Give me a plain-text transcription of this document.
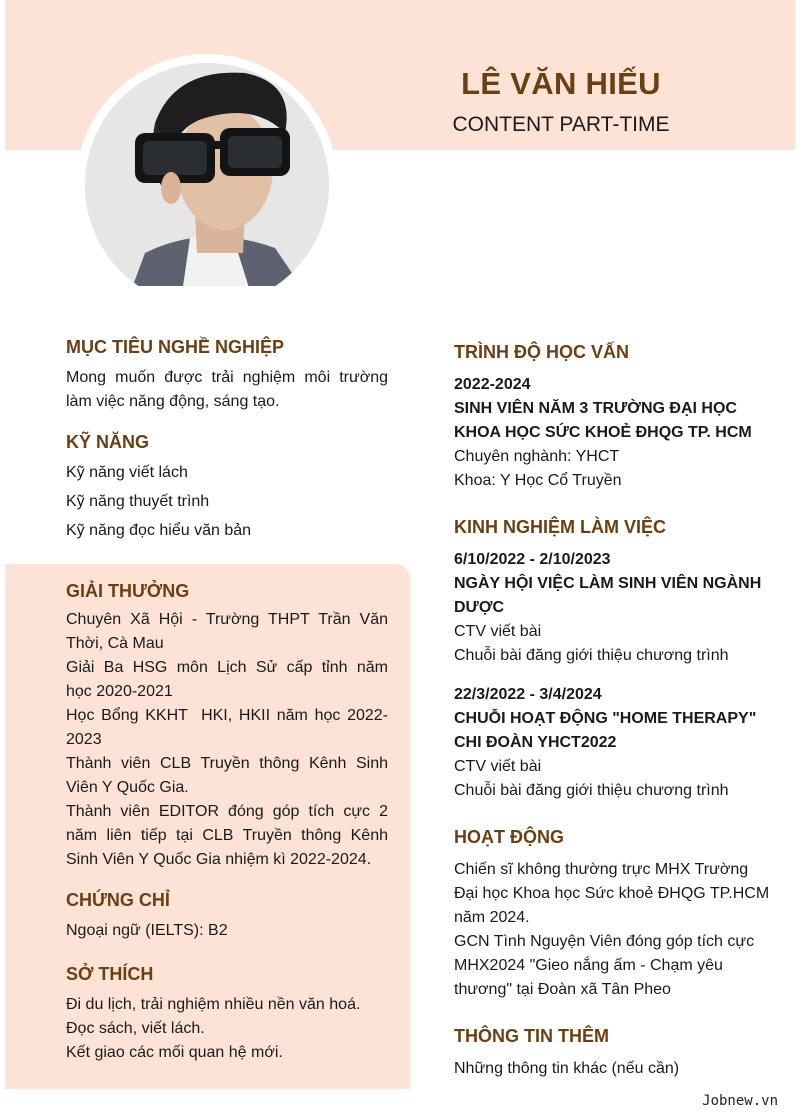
LÊ VĂN HIẾU
CONTENT PART-TIME
MỤC TIÊU NGHỀ NGHIỆP
Mong muốn được trải nghiệm môi trường
làm việc năng động, sáng tạo.
KỸ NĂNG
Kỹ năng viết lách
Kỹ năng thuyết trình
Kỹ năng đọc hiểu văn bản
GIẢI THƯỞNG
Chuyên Xã Hội - Trường THPT Trần Văn
Thời, Cà Mau
Giải Ba HSG môn Lịch Sử cấp tỉnh năm
học 2020-2021
Học Bổng KKHT  HKI, HKII năm học 2022-
2023
Thành viên CLB Truyền thông Kênh Sinh
Viên Y Quốc Gia.
Thành viên EDITOR đóng góp tích cực 2
năm liên tiếp tại CLB Truyền thông Kênh
Sinh Viên Y Quốc Gia nhiệm kì 2022-2024.
CHỨNG CHỈ
Ngoại ngữ (IELTS): B2
SỞ THÍCH
Đi du lịch, trải nghiệm nhiều nền văn hoá.
Đọc sách, viết lách.
Kết giao các mối quan hệ mới.
TRÌNH ĐỘ HỌC VẤN
2022-2024
SINH VIÊN NĂM 3 TRƯỜNG ĐẠI HỌC
KHOA HỌC SỨC KHOẺ ĐHQG TP. HCM
Chuyên nghành: YHCT
Khoa: Y Học Cổ Truyền
KINH NGHIỆM LÀM VIỆC
6/10/2022 - 2/10/2023
NGÀY HỘI VIỆC LÀM SINH VIÊN NGÀNH
DƯỢC
CTV viết bài
Chuỗi bài đăng giới thiệu chương trình
22/3/2022 - 3/4/2024
CHUỖI HOẠT ĐỘNG "HOME THERAPY"
CHI ĐOÀN YHCT2022
CTV viết bài
Chuỗi bài đăng giới thiệu chương trình
HOẠT ĐỘNG
Chiến sĩ không thường trực MHX Trường
Đại học Khoa học Sức khoẻ ĐHQG TP.HCM
năm 2024.
GCN Tình Nguyện Viên đóng góp tích cực
MHX2024 "Gieo nắng ấm - Chạm yêu
thương" tại Đoàn xã Tân Pheo
THÔNG TIN THÊM
Những thông tin khác (nếu cần)
Jobnew.vn
